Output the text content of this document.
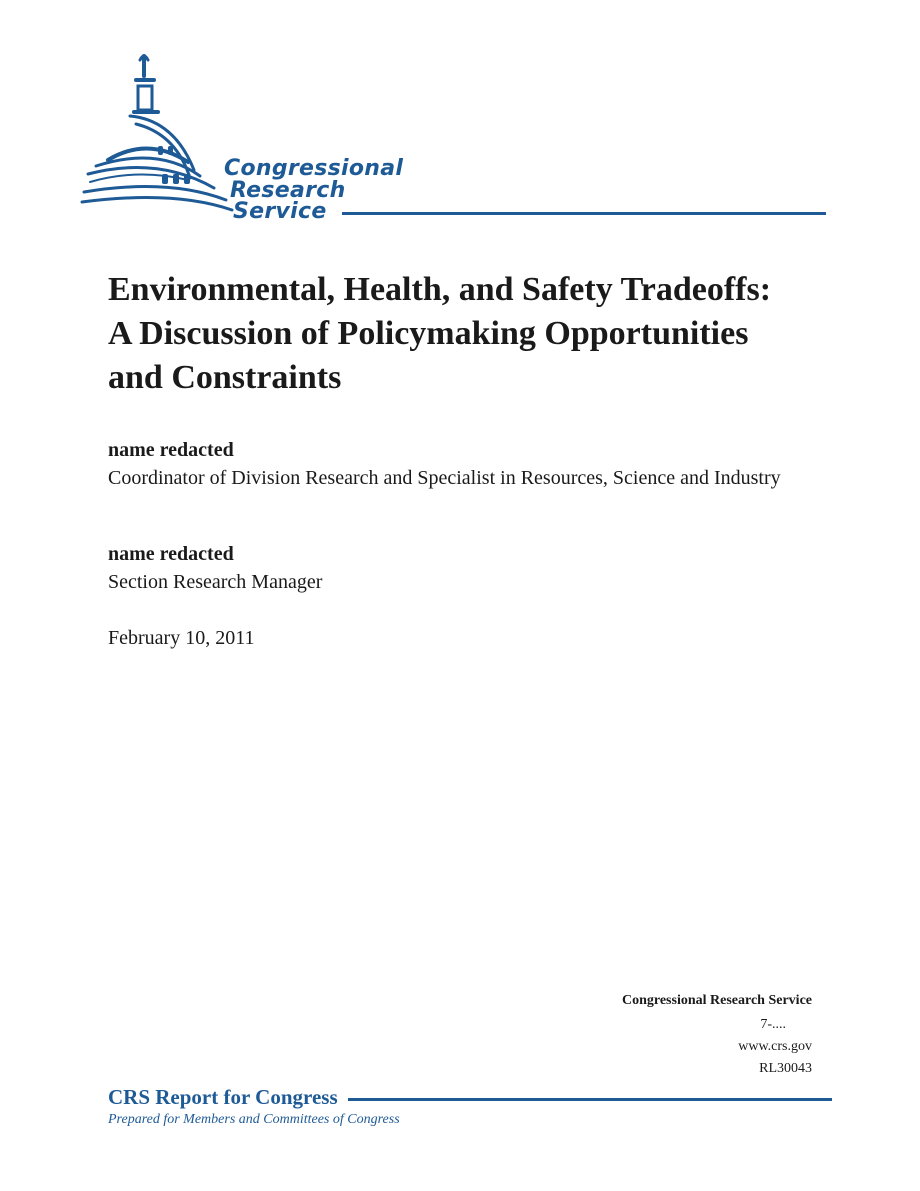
Congressional
Research
Service
Environmental, Health, and Safety Tradeoffs:
A Discussion of Policymaking Opportunities
and Constraints
name redacted
Coordinator of Division Research and Specialist in Resources, Science and Industry
name redacted
Section Research Manager
February 10, 2011
Congressional Research Service
7-....
www.crs.gov
RL30043
CRS Report for Congress
Prepared for Members and Committees of Congress
